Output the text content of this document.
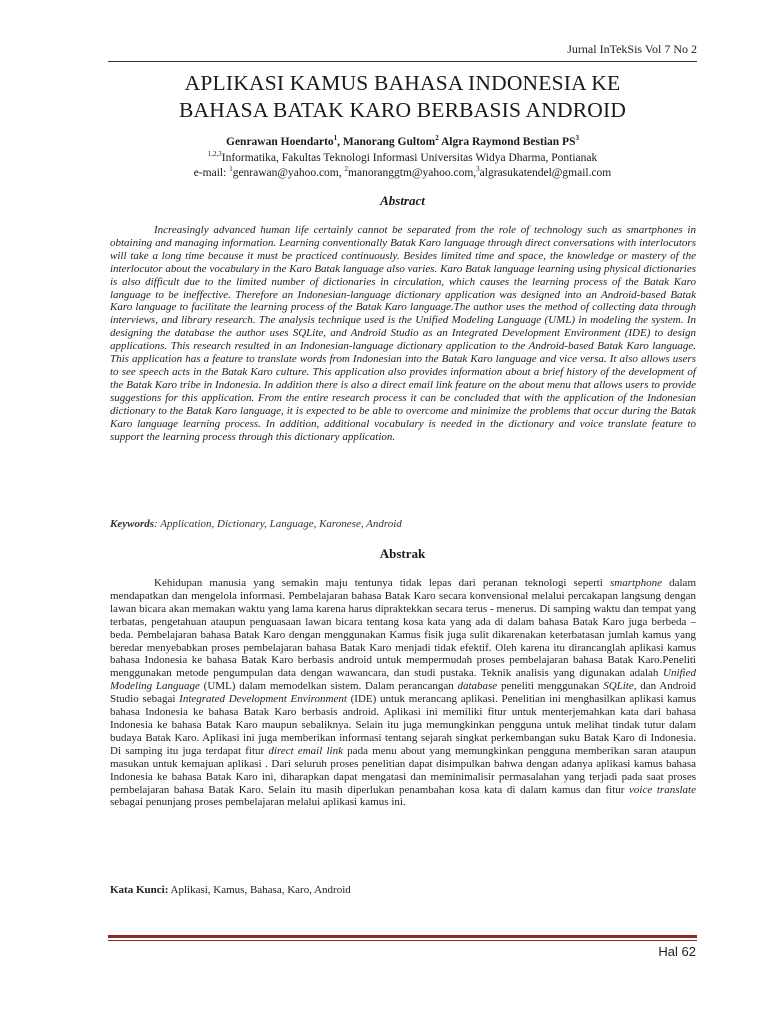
Jurnal InTekSis Vol 7 No 2
APLIKASI KAMUS BAHASA INDONESIA KE
BAHASA BATAK KARO BERBASIS ANDROID
Genrawan Hoendarto$^1$, Manorang Gultom$^2$ Algra Raymond Bestian $PS^3$
$^{1,2,3}$Informatika, Fakultas Teknologi Informasi Universitas Widya Dharma, Pontianak
e-mail: $^1$genrawan@yahoo.com, $^2$manoranggtm@yahoo.com,$^3$algrasukatendel@gmail.com
Abstract

Increasingly advanced human life certainly cannot be separated from the role of technology such as smartphones in obtaining and managing information. Learning conventionally Batak Karo language through direct conversations with interlocutors will take a long time because it must be practiced continuously. Besides limited time and space, the knowledge or mastery of the interlocutor about the vocabulary in the Karo Batak language also varies. Karo Batak language learning using physical dictionaries is also difficult due to the limited number of dictionaries in circulation, which causes the learning process of the Batak Karo language to be ineffective. Therefore an Indonesian-language dictionary application was designed into an Android-based Batak Karo language to facilitate the learning process of the Batak Karo language.The author uses the method of collecting data through interviews, and library research. The analysis technique used is the Unified Modeling Language (UML) in modeling the system. In designing the database the author uses SQLite, and Android Studio as an Integrated Development Environment (IDE) to design applications. This research resulted in an Indonesian-language dictionary application to the Android-based Batak Karo language. This application has a feature to translate words from Indonesian into the Batak Karo language and vice versa. It also allows users to see speech acts in the Batak Karo culture. This application also provides information about a brief history of the development of the Batak Karo tribe in Indonesia. In addition there is also a direct email link feature on the about menu that allows users to provide suggestions for this application. From the entire research process it can be concluded that with the application of the Indonesian dictionary to the Batak Karo language, it is expected to be able to overcome and minimize the problems that occur during the Batak Karo language learning process. In addition, additional vocabulary is needed in the dictionary and voice translate feature to support the learning process through this dictionary application.

Keywords: Application, Dictionary, Language, Karonese, Android
Abstrak

Kehidupan manusia yang semakin maju tentunya tidak lepas dari peranan teknologi seperti smartphone dalam mendapatkan dan mengelola informasi. Pembelajaran bahasa Batak Karo secara konvensional melalui percakapan langsung dengan lawan bicara akan memakan waktu yang lama karena harus dipraktekkan secara terus - menerus. Di samping waktu dan tempat yang terbatas, pengetahuan ataupun penguasaan lawan bicara tentang kosa kata yang ada di dalam bahasa Batak Karo juga berbeda – beda. Pembelajaran bahasa Batak Karo dengan menggunakan Kamus fisik juga sulit dikarenakan keterbatasan jumlah kamus yang beredar menyebabkan proses pembelajaran bahasa Batak Karo menjadi tidak efektif. Oleh karena itu dirancanglah aplikasi kamus bahasa Indonesia ke bahasa Batak Karo berbasis android untuk mempermudah proses pembelajaran bahasa Batak Karo.Peneliti menggunakan metode pengumpulan data dengan wawancara, dan studi pustaka. Teknik analisis yang digunakan adalah Unified Modeling Language (UML) dalam memodelkan sistem. Dalam perancangan database peneliti menggunakan SQLite, dan Android Studio sebagai Integrated Development Environment (IDE) untuk merancang aplikasi. Penelitian ini menghasilkan aplikasi kamus bahasa Indonesia ke bahasa Batak Karo berbasis android. Aplikasi ini memiliki fitur untuk menterjemahkan kata dari bahasa Indonesia ke bahasa Batak Karo maupun sebaliknya. Selain itu juga memungkinkan pengguna untuk melihat tindak tutur dalam budaya Batak Karo. Aplikasi ini juga memberikan informasi tentang sejarah singkat perkembangan suku Batak Karo di Indonesia. Di samping itu juga terdapat fitur direct email link pada menu about yang memungkinkan pengguna memberikan saran ataupun masukan untuk kemajuan aplikasi . Dari seluruh proses penelitian dapat disimpulkan bahwa dengan adanya aplikasi kamus bahasa Indonesia ke bahasa Batak Karo ini, diharapkan dapat mengatasi dan meminimalisir permasalahan yang terjadi pada saat proses pembelajaran bahasa Batak Karo. Selain itu masih diperlukan penambahan kosa kata di dalam kamus dan fitur voice translate sebagai penunjang proses pembelajaran melalui aplikasi kamus ini.

Kata Kunci: Aplikasi, Kamus, Bahasa, Karo, Android
Hal 62
